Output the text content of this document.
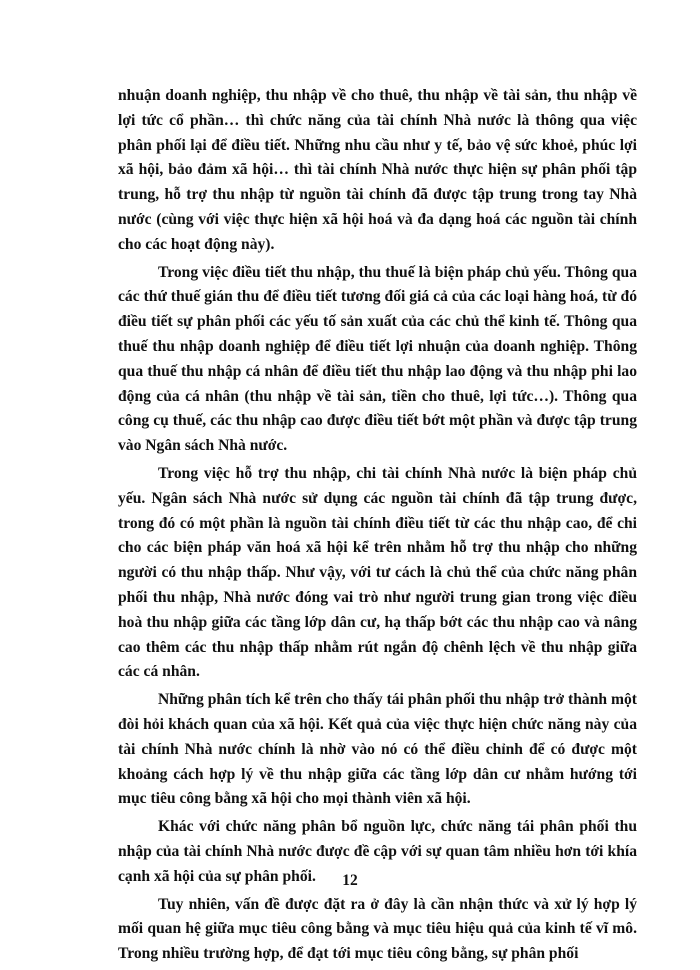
nhuận doanh nghiệp, thu nhập về cho thuê, thu nhập về tài sản, thu nhập về lợi tức cổ phần… thì chức năng của tài chính Nhà nước là thông qua việc phân phối lại để điều tiết. Những nhu cầu như y tế, bảo vệ sức khoẻ, phúc lợi xã hội, bảo đảm xã hội… thì tài chính Nhà nước thực hiện sự phân phối tập trung, hỗ trợ thu nhập từ nguồn tài chính đã được tập trung trong tay Nhà nước (cùng với việc thực hiện xã hội hoá và đa dạng hoá các nguồn tài chính cho các hoạt động này).

Trong việc điều tiết thu nhập, thu thuế là biện pháp chủ yếu. Thông qua các thứ thuế gián thu để điều tiết tương đối giá cả của các loại hàng hoá, từ đó điều tiết sự phân phối các yếu tố sản xuất của các chủ thể kinh tế. Thông qua thuế thu nhập doanh nghiệp để điều tiết lợi nhuận của doanh nghiệp. Thông qua thuế thu nhập cá nhân để điều tiết thu nhập lao động và thu nhập phi lao động của cá nhân (thu nhập về tài sản, tiền cho thuê, lợi tức…). Thông qua công cụ thuế, các thu nhập cao được điều tiết bớt một phần và được tập trung vào Ngân sách Nhà nước.

Trong việc hỗ trợ thu nhập, chi tài chính Nhà nước là biện pháp chủ yếu. Ngân sách Nhà nước sử dụng các nguồn tài chính đã tập trung được, trong đó có một phần là nguồn tài chính điều tiết từ các thu nhập cao, để chi cho các biện pháp văn hoá xã hội kể trên nhằm hỗ trợ thu nhập cho những người có thu nhập thấp. Như vậy, với tư cách là chủ thể của chức năng phân phối thu nhập, Nhà nước đóng vai trò như người trung gian trong việc điều hoà thu nhập giữa các tầng lớp dân cư, hạ thấp bớt các thu nhập cao và nâng cao thêm các thu nhập thấp nhằm rút ngắn độ chênh lệch về thu nhập giữa các cá nhân.

Những phân tích kể trên cho thấy tái phân phối thu nhập trở thành một đòi hỏi khách quan của xã hội. Kết quả của việc thực hiện chức năng này của tài chính Nhà nước chính là nhờ vào nó có thể điều chỉnh để có được một khoảng cách hợp lý về thu nhập giữa các tầng lớp dân cư nhằm hướng tới mục tiêu công bằng xã hội cho mọi thành viên xã hội.

Khác với chức năng phân bổ nguồn lực, chức năng tái phân phối thu nhập của tài chính Nhà nước được đề cập với sự quan tâm nhiều hơn tới khía cạnh xã hội của sự phân phối.

Tuy nhiên, vấn đề được đặt ra ở đây là cần nhận thức và xử lý hợp lý mối quan hệ giữa mục tiêu công bằng và mục tiêu hiệu quả của kinh tế vĩ mô. Trong nhiều trường hợp, để đạt tới mục tiêu công bằng, sự phân phối

12
